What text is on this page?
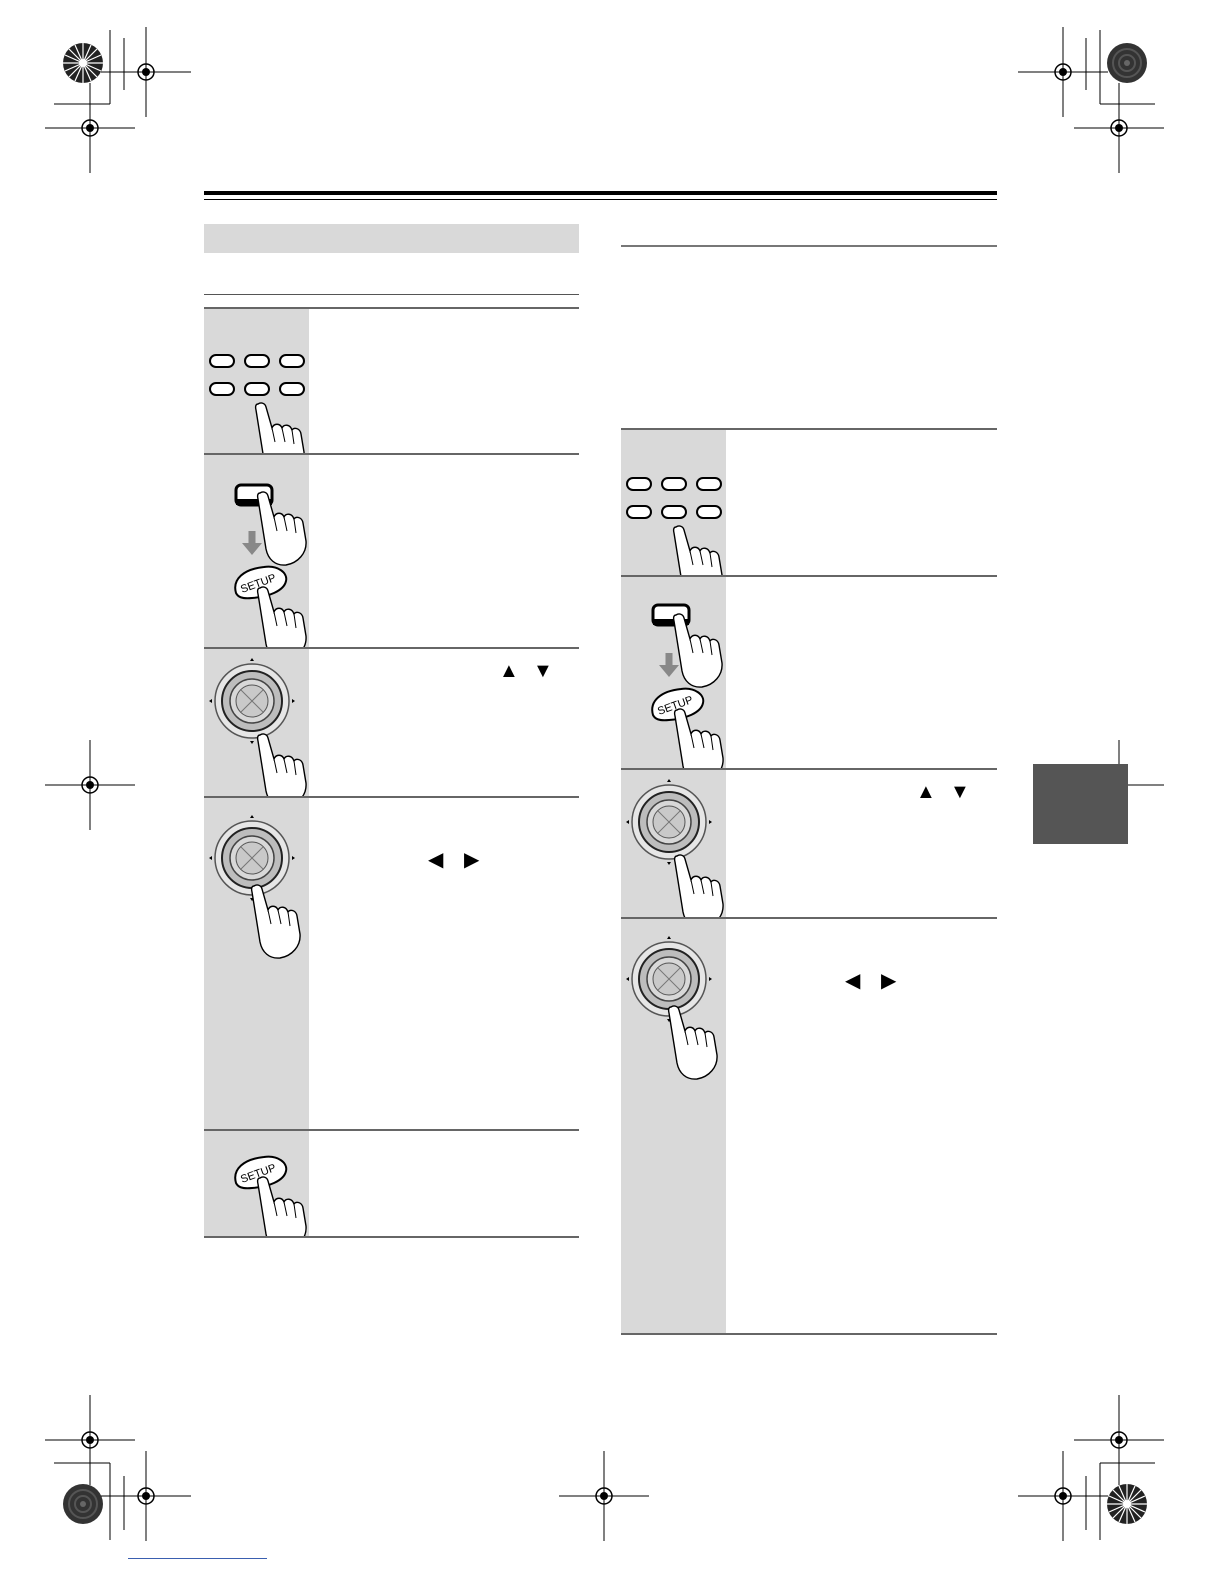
▲ ▼
◀ ▶
▲ ▼
◀ ▶
